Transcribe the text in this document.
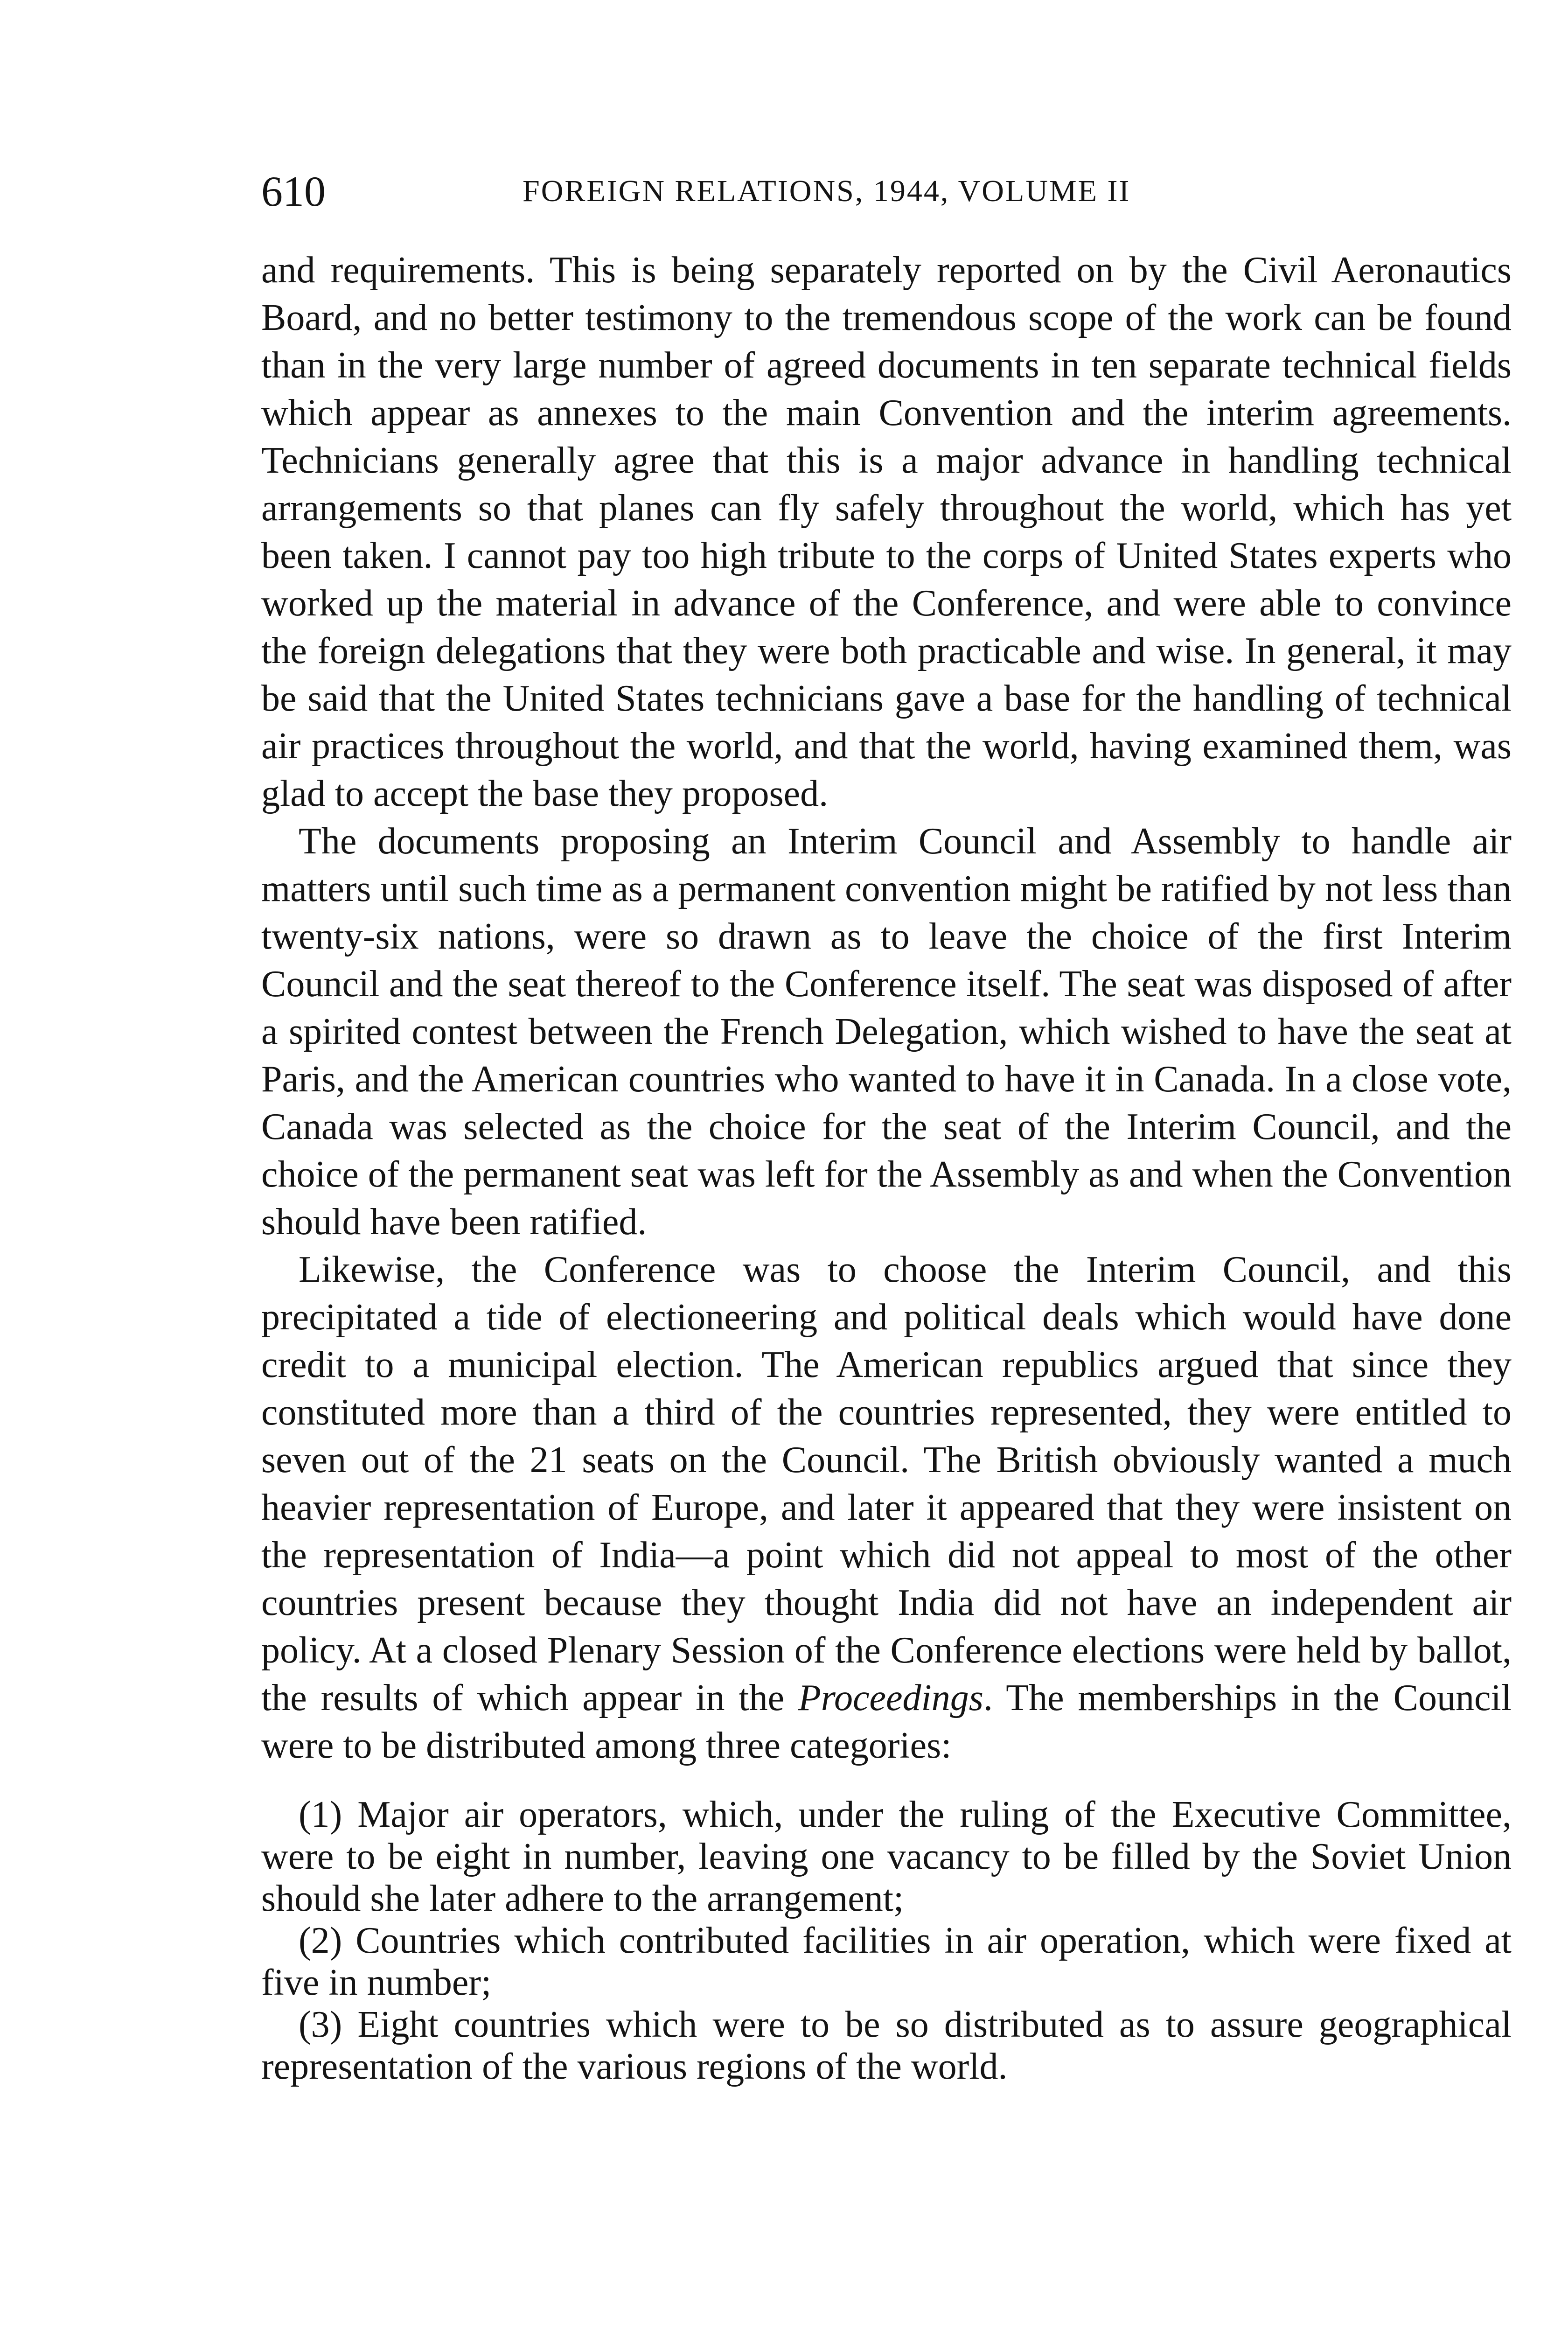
610	FOREIGN RELATIONS, 1944, VOLUME II

and requirements. This is being separately reported on by the Civil Aeronautics Board, and no better testimony to the tremendous scope of the work can be found than in the very large number of agreed documents in ten separate technical fields which appear as annexes to the main Convention and the interim agreements. Technicians generally agree that this is a major advance in handling technical arrangements so that planes can fly safely throughout the world, which has yet been taken. I cannot pay too high tribute to the corps of United States experts who worked up the material in advance of the Conference, and were able to convince the foreign delegations that they were both practicable and wise. In general, it may be said that the United States technicians gave a base for the handling of technical air practices throughout the world, and that the world, having examined them, was glad to accept the base they proposed.

The documents proposing an Interim Council and Assembly to handle air matters until such time as a permanent convention might be ratified by not less than twenty-six nations, were so drawn as to leave the choice of the first Interim Council and the seat thereof to the Conference itself. The seat was disposed of after a spirited contest between the French Delegation, which wished to have the seat at Paris, and the American countries who wanted to have it in Canada. In a close vote, Canada was selected as the choice for the seat of the Interim Council, and the choice of the permanent seat was left for the Assembly as and when the Convention should have been ratified.

Likewise, the Conference was to choose the Interim Council, and this precipitated a tide of electioneering and political deals which would have done credit to a municipal election. The American republics argued that since they constituted more than a third of the countries represented, they were entitled to seven out of the 21 seats on the Council. The British obviously wanted a much heavier representation of Europe, and later it appeared that they were insistent on the representation of India—a point which did not appeal to most of the other countries present because they thought India did not have an independent air policy. At a closed Plenary Session of the Conference elections were held by ballot, the results of which appear in the Proceedings. The memberships in the Council were to be distributed among three categories:

(1) Major air operators, which, under the ruling of the Executive Committee, were to be eight in number, leaving one vacancy to be filled by the Soviet Union should she later adhere to the arrangement;
(2) Countries which contributed facilities in air operation, which were fixed at five in number;
(3) Eight countries which were to be so distributed as to assure geographical representation of the various regions of the world.
